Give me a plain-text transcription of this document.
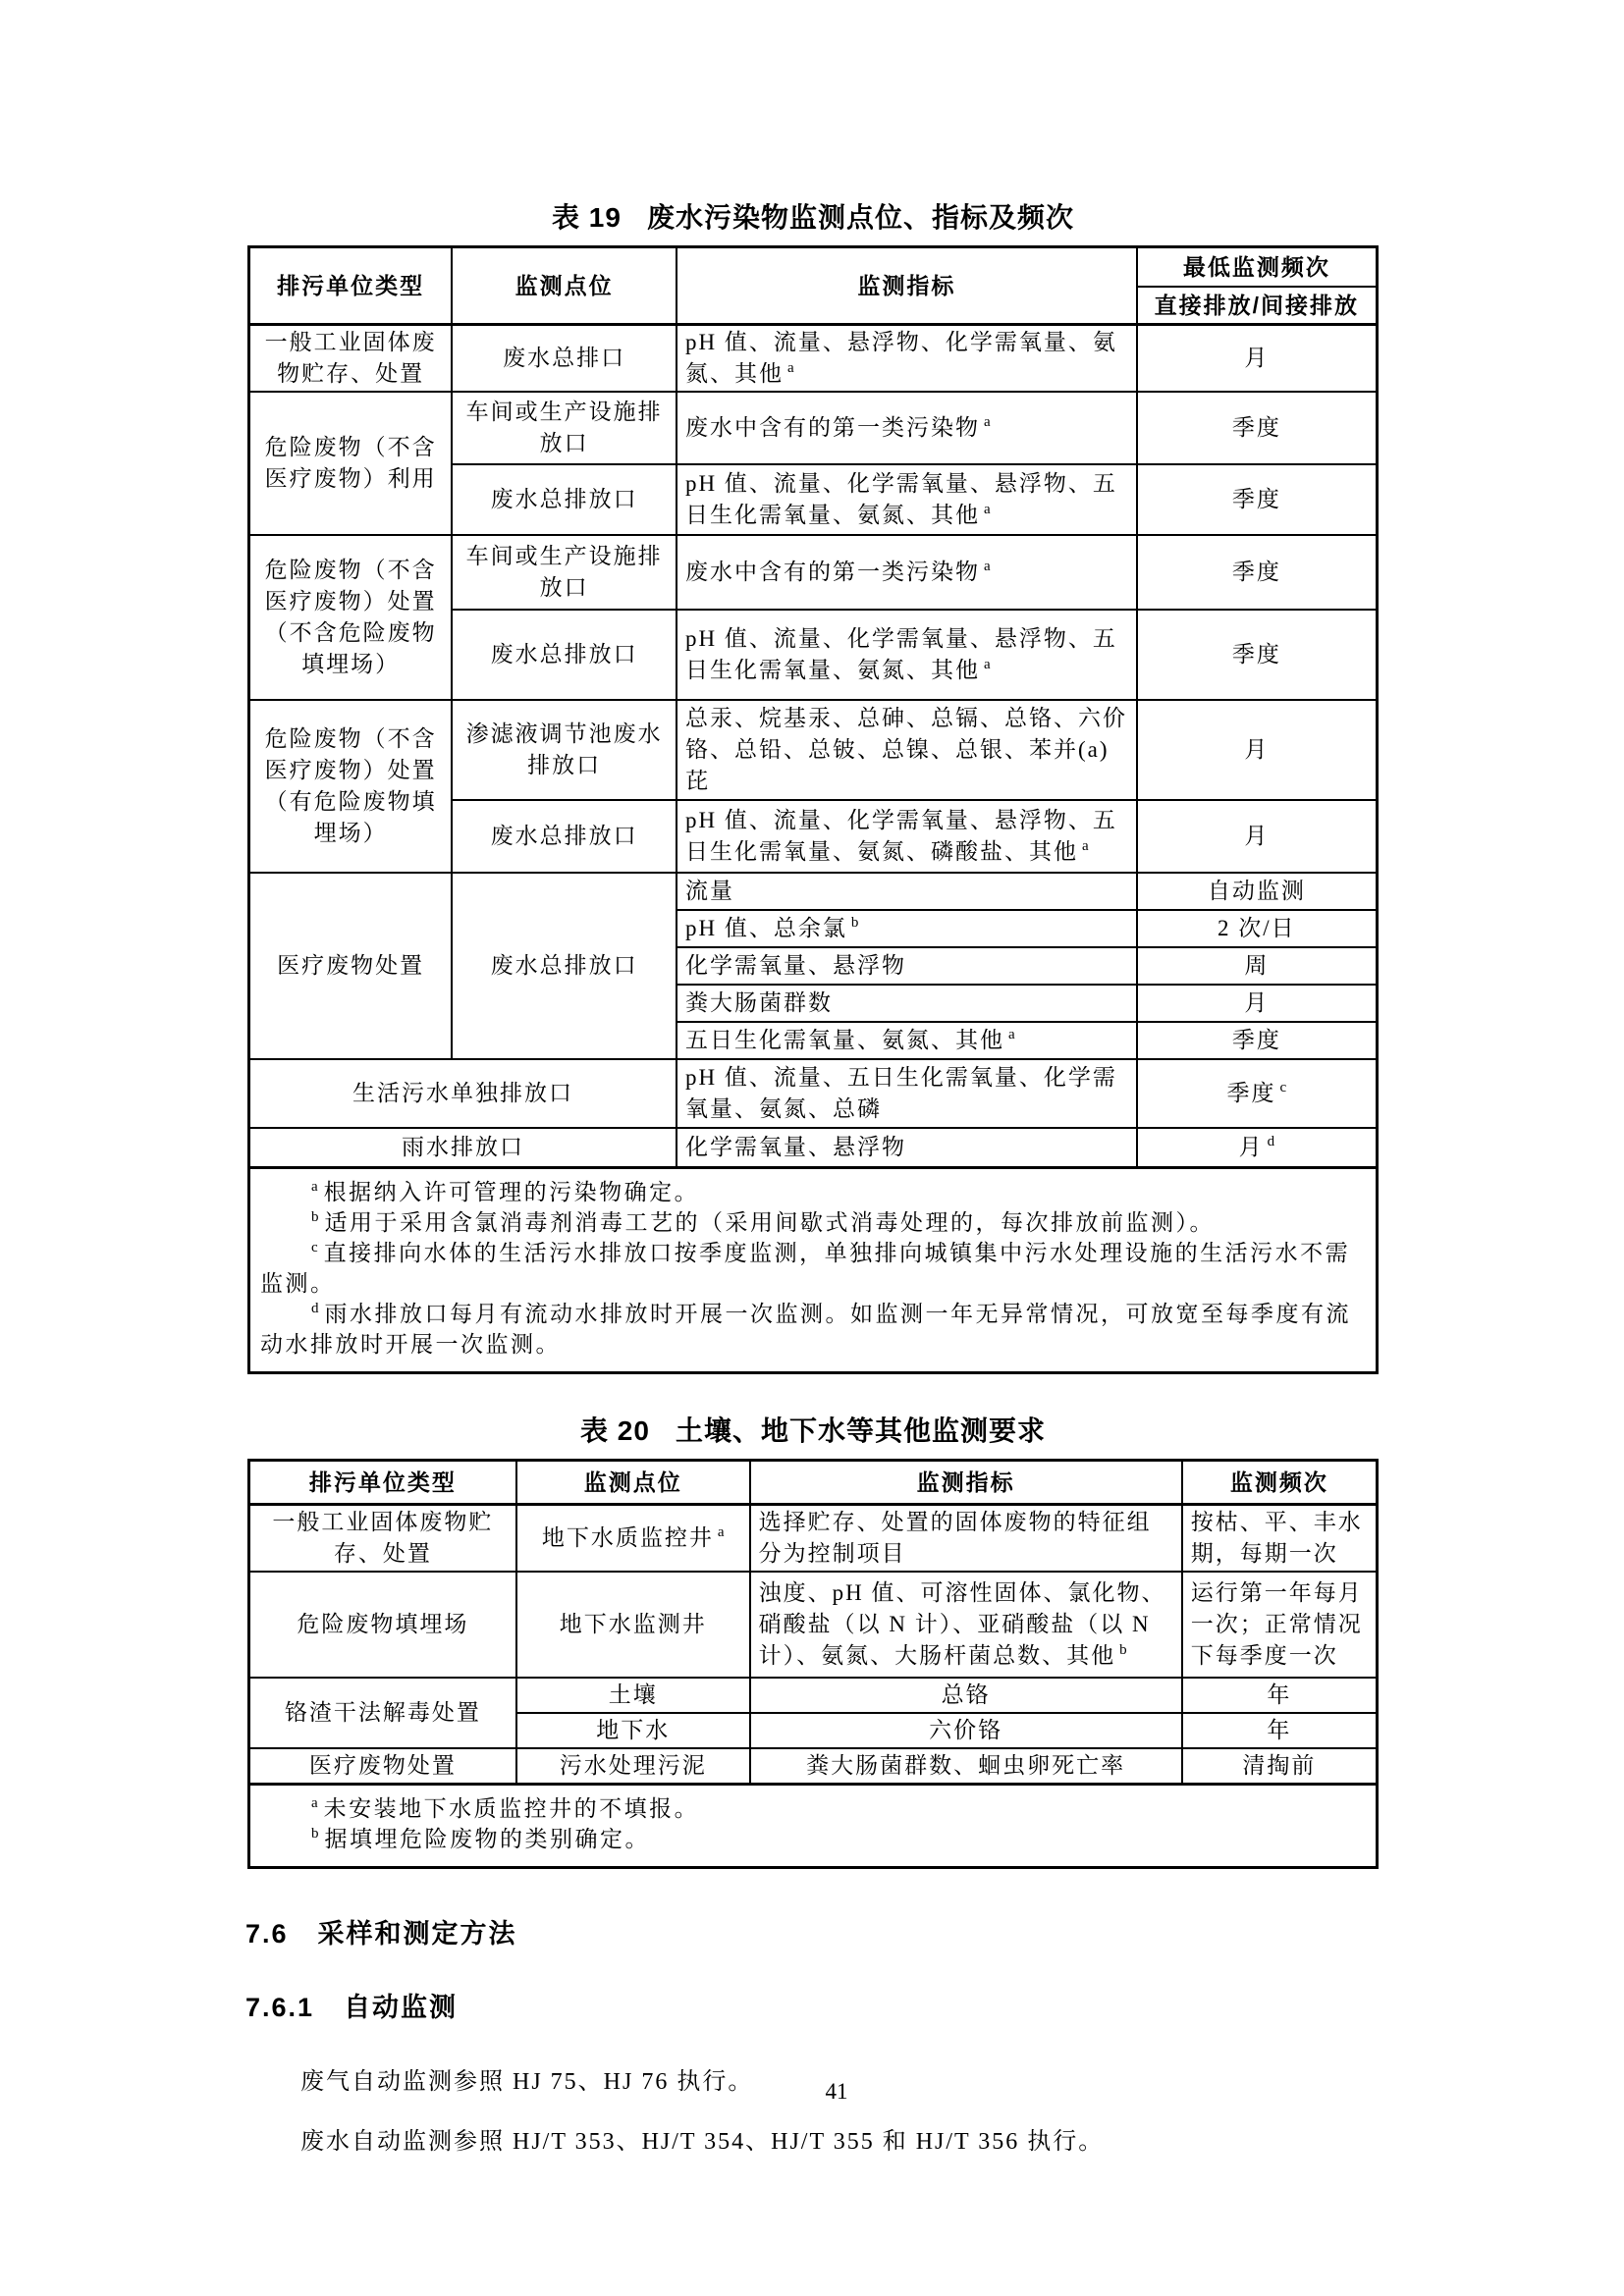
表 19 废水污染物监测点位、指标及频次
排污单位类型	监测点位	监测指标	最低监测频次
			直接排放/间接排放
一般工业固体废物贮存、处置	废水总排口	pH 值、流量、悬浮物、化学需氧量、氨氮、其他 $^a$	月
危险废物（不含医疗废物）利用	车间或生产设施排放口	废水中含有的第一类污染物 $^a$	季度
	废水总排放口	pH 值、流量、化学需氧量、悬浮物、五日生化需氧量、氨氮、其他 $^a$	季度
危险废物（不含医疗废物）处置（不含危险废物填埋场）	车间或生产设施排放口	废水中含有的第一类污染物 $^a$	季度
	废水总排放口	pH 值、流量、化学需氧量、悬浮物、五日生化需氧量、氨氮、其他 $^a$	季度
危险废物（不含医疗废物）处置（有危险废物填埋场）	渗滤液调节池废水排放口	总汞、烷基汞、总砷、总镉、总铬、六价铬、总铅、总铍、总镍、总银、苯并(a)芘	月
	废水总排放口	pH 值、流量、化学需氧量、悬浮物、五日生化需氧量、氨氮、磷酸盐、其他 $^a$	月
医疗废物处置	废水总排放口	流量	自动监测
		pH 值、总余氯 $^b$	2 次/日
		化学需氧量、悬浮物	周
		粪大肠菌群数	月
		五日生化需氧量、氨氮、其他 $^a$	季度
生活污水单独排放口		pH 值、流量、五日生化需氧量、化学需氧量、氨氮、总磷	季度 $^c$
雨水排放口		化学需氧量、悬浮物	月 $^d$

$^a$ 根据纳入许可管理的污染物确定。

$^b$ 适用于采用含氯消毒剂消毒工艺的（采用间歇式消毒处理的，每次排放前监测）。

$^c$ 直接排向水体的生活污水排放口按季度监测，单独排向城镇集中污水处理设施的生活污水不需监测。

$^d$ 雨水排放口每月有流动水排放时开展一次监测。如监测一年无异常情况，可放宽至每季度有流动水排放时开展一次监测。			

表 20 土壤、地下水等其他监测要求
排污单位类型	监测点位	监测指标	监测频次
一般工业固体废物贮存、处置	地下水质监控井 $^a$	选择贮存、处置的固体废物的特征组分为控制项目	按枯、平、丰水期，每期一次
危险废物填埋场	地下水监测井	浊度、pH 值、可溶性固体、氯化物、硝酸盐（以 N 计）、亚硝酸盐（以 N 计）、氨氮、大肠杆菌总数、其他 $^b$	运行第一年每月一次；正常情况下每季度一次
铬渣干法解毒处置	土壤	总铬	年
	地下水	六价铬	年
医疗废物处置	污水处理污泥	粪大肠菌群数、蛔虫卵死亡率	清掏前

$^a$ 未安装地下水质监控井的不填报。

$^b$ 据填埋危险废物的类别确定。			

7.6 采样和测定方法
7.6.1 自动监测

废气自动监测参照 HJ 75、HJ 76 执行。

废水自动监测参照 HJ/T 353、HJ/T 354、HJ/T 355 和 HJ/T 356 执行。

41
